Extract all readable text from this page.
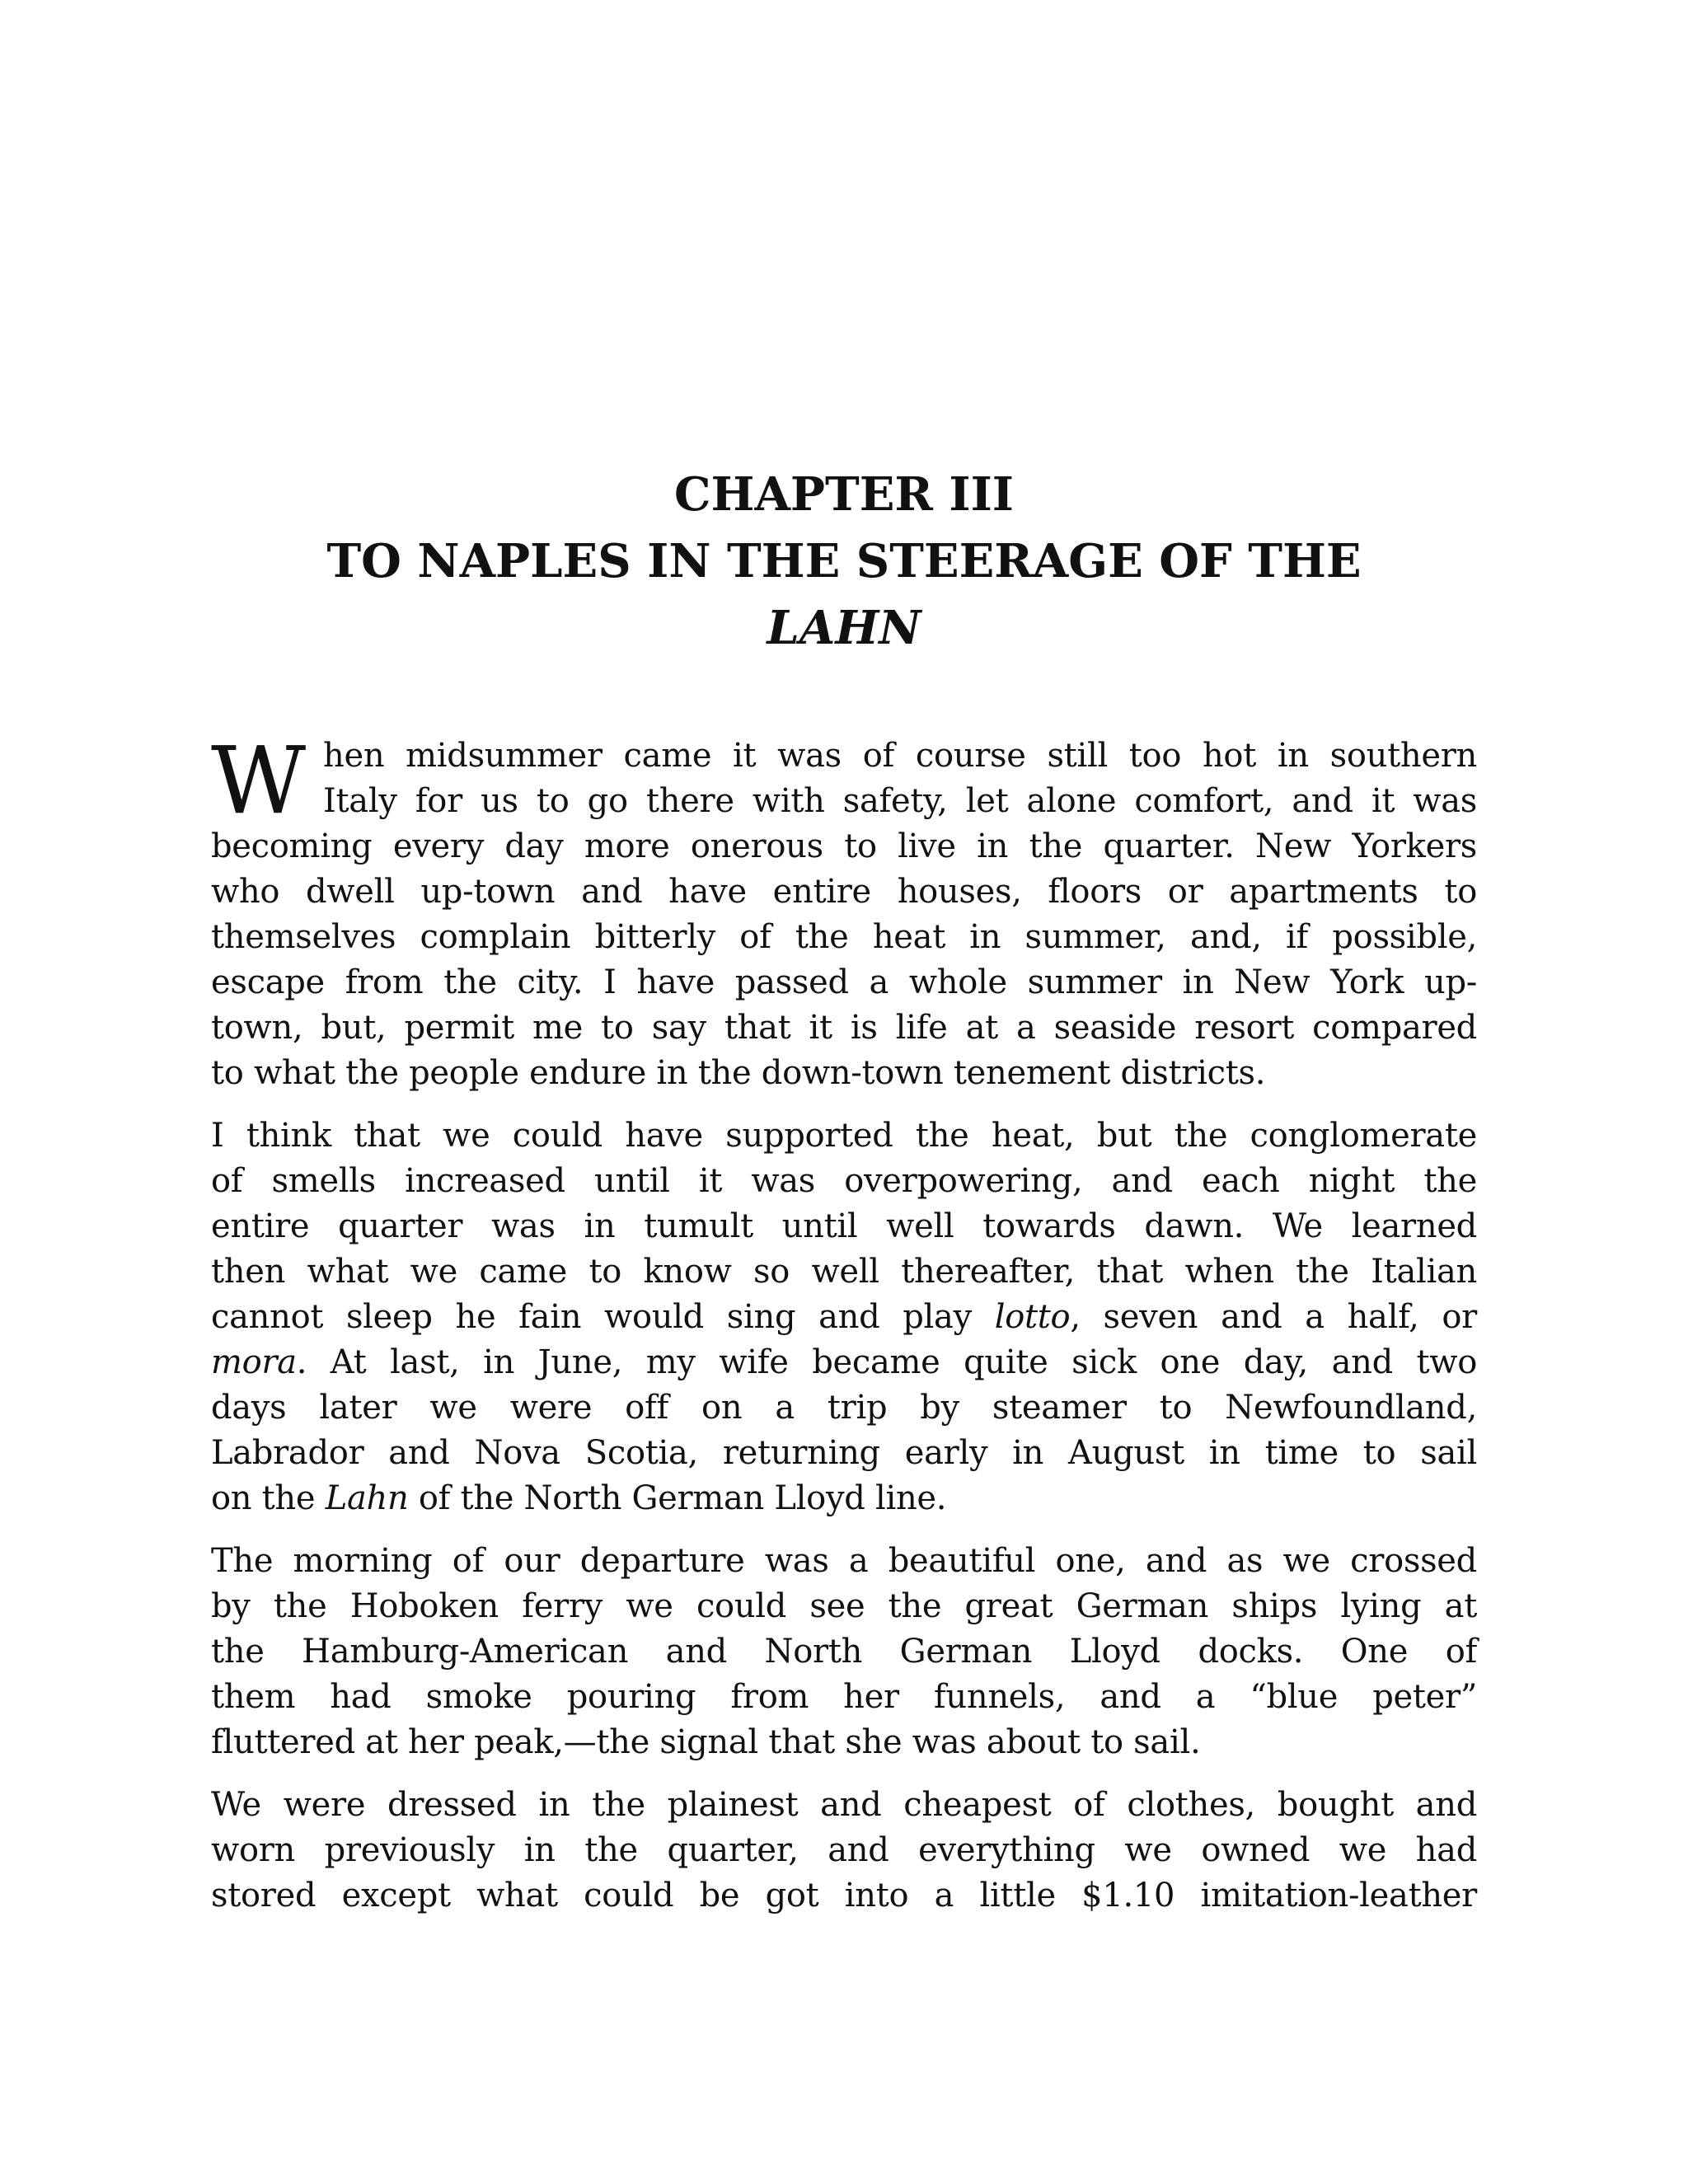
CHAPTER III
TO NAPLES IN THE STEERAGE OF THE
LAHN
W hen midsummer came it was of course still too hot in southern
Italy for us to go there with safety, let alone comfort, and it was
becoming every day more onerous to live in the quarter. New Yorkers
who dwell up-town and have entire houses, floors or apartments to
themselves complain bitterly of the heat in summer, and, if possible,
escape from the city. I have passed a whole summer in New York up-
town, but, permit me to say that it is life at a seaside resort compared
to what the people endure in the down-town tenement districts.
I think that we could have supported the heat, but the conglomerate
of smells increased until it was overpowering, and each night the
entire quarter was in tumult until well towards dawn. We learned
then what we came to know so well thereafter, that when the Italian
cannot sleep he fain would sing and play lotto, seven and a half, or
mora. At last, in June, my wife became quite sick one day, and two
days later we were off on a trip by steamer to Newfoundland,
Labrador and Nova Scotia, returning early in August in time to sail
on the Lahn of the North German Lloyd line.
The morning of our departure was a beautiful one, and as we crossed
by the Hoboken ferry we could see the great German ships lying at
the Hamburg-American and North German Lloyd docks. One of
them had smoke pouring from her funnels, and a “blue peter”
fluttered at her peak,—the signal that she was about to sail.
We were dressed in the plainest and cheapest of clothes, bought and
worn previously in the quarter, and everything we owned we had
stored except what could be got into a little $1.10 imitation-leather
